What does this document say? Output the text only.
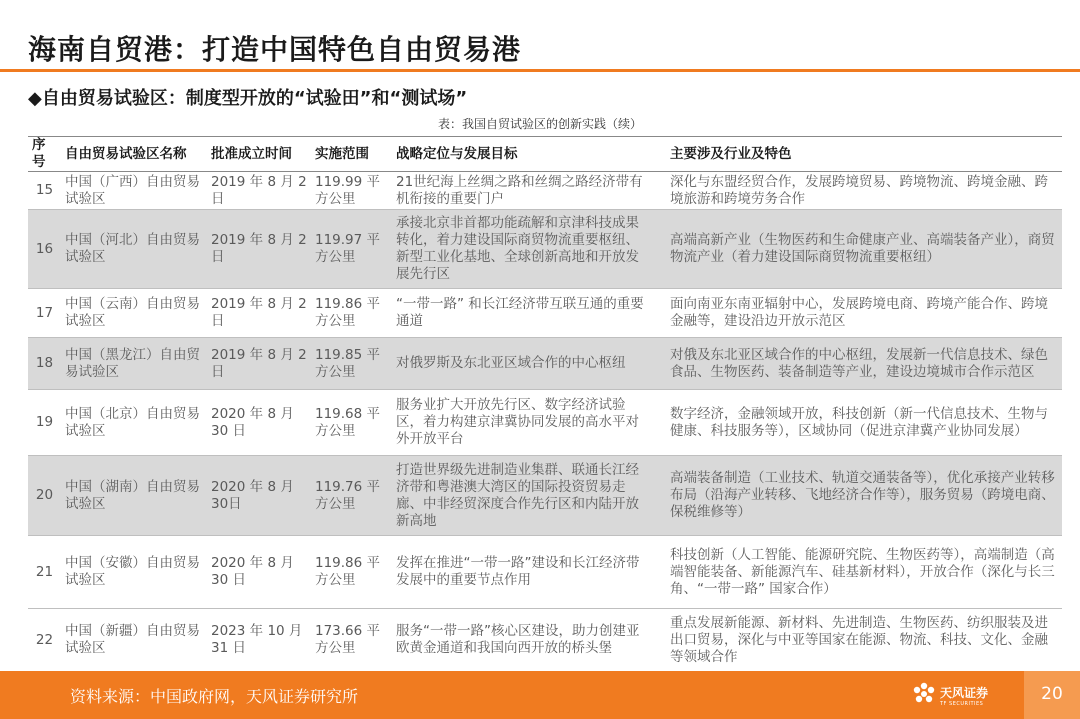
海南自贸港：打造中国特色自由贸易港
◆自由贸易试验区：制度型开放的“试验田”和“测试场”
表：我国自贸试验区的创新实践（续）
序号	自由贸易试验区名称	批准成立时间	实施范围	战略定位与发展目标		主要涉及行业及特色
15	中国（广西）自由贸易试验区	2019 年 8 月 2 日	119.99 平方公里	21世纪海上丝绸之路和丝绸之路经济带有机衔接的重要门户		深化与东盟经贸合作，发展跨境贸易、跨境物流、跨境金融、跨境旅游和跨境劳务合作
16	中国（河北）自由贸易试验区	2019 年 8 月 2 日	119.97 平方公里	承接北京非首都功能疏解和京津科技成果转化，着力建设国际商贸物流重要枢纽、新型工业化基地、全球创新高地和开放发展先行区		高端高新产业（生物医药和生命健康产业、高端装备产业），商贸物流产业（着力建设国际商贸物流重要枢纽）
17	中国（云南）自由贸易试验区	2019 年 8 月 2 日	119.86 平方公里	“一带一路” 和长江经济带互联互通的重要通道		面向南亚东南亚辐射中心，发展跨境电商、跨境产能合作、跨境金融等，建设沿边开放示范区
18	中国（黑龙江）自由贸易试验区	2019 年 8 月 2 日	119.85 平方公里	对俄罗斯及东北亚区域合作的中心枢纽		对俄及东北亚区域合作的中心枢纽，发展新一代信息技术、绿色食品、生物医药、装备制造等产业，建设边境城市合作示范区
19	中国（北京）自由贸易试验区	2020 年 8 月 30 日	119.68 平方公里	服务业扩大开放先行区、数字经济试验区，着力构建京津冀协同发展的高水平对外开放平台		数字经济，金融领域开放，科技创新（新一代信息技术、生物与健康、科技服务等），区域协同（促进京津冀产业协同发展）
20	中国（湖南）自由贸易试验区	2020 年 8 月 30日	119.76 平方公里	打造世界级先进制造业集群、联通长江经济带和粤港澳大湾区的国际投资贸易走廊、中非经贸深度合作先行区和内陆开放新高地		高端装备制造（工业技术、轨道交通装备等），优化承接产业转移布局（沿海产业转移、飞地经济合作等），服务贸易（跨境电商、保税维修等）
21	中国（安徽）自由贸易试验区	2020 年 8 月 30 日	119.86 平方公里	发挥在推进“一带一路”建设和长江经济带发展中的重要节点作用		科技创新（人工智能、能源研究院、生物医药等），高端制造（高端智能装备、新能源汽车、硅基新材料），开放合作（深化与长三角、“一带一路” 国家合作）
22	中国（新疆）自由贸易试验区	2023 年 10 月 31 日	173.66 平方公里	服务“一带一路”核心区建设，助力创建亚欧黄金通道和我国向西开放的桥头堡		重点发展新能源、新材料、先进制造、生物医药、纺织服装及进出口贸易，深化与中亚等国家在能源、物流、科技、文化、金融等领域合作
资料来源：中国政府网，天风证券研究所	天风证券
TF SECURITIES	20
